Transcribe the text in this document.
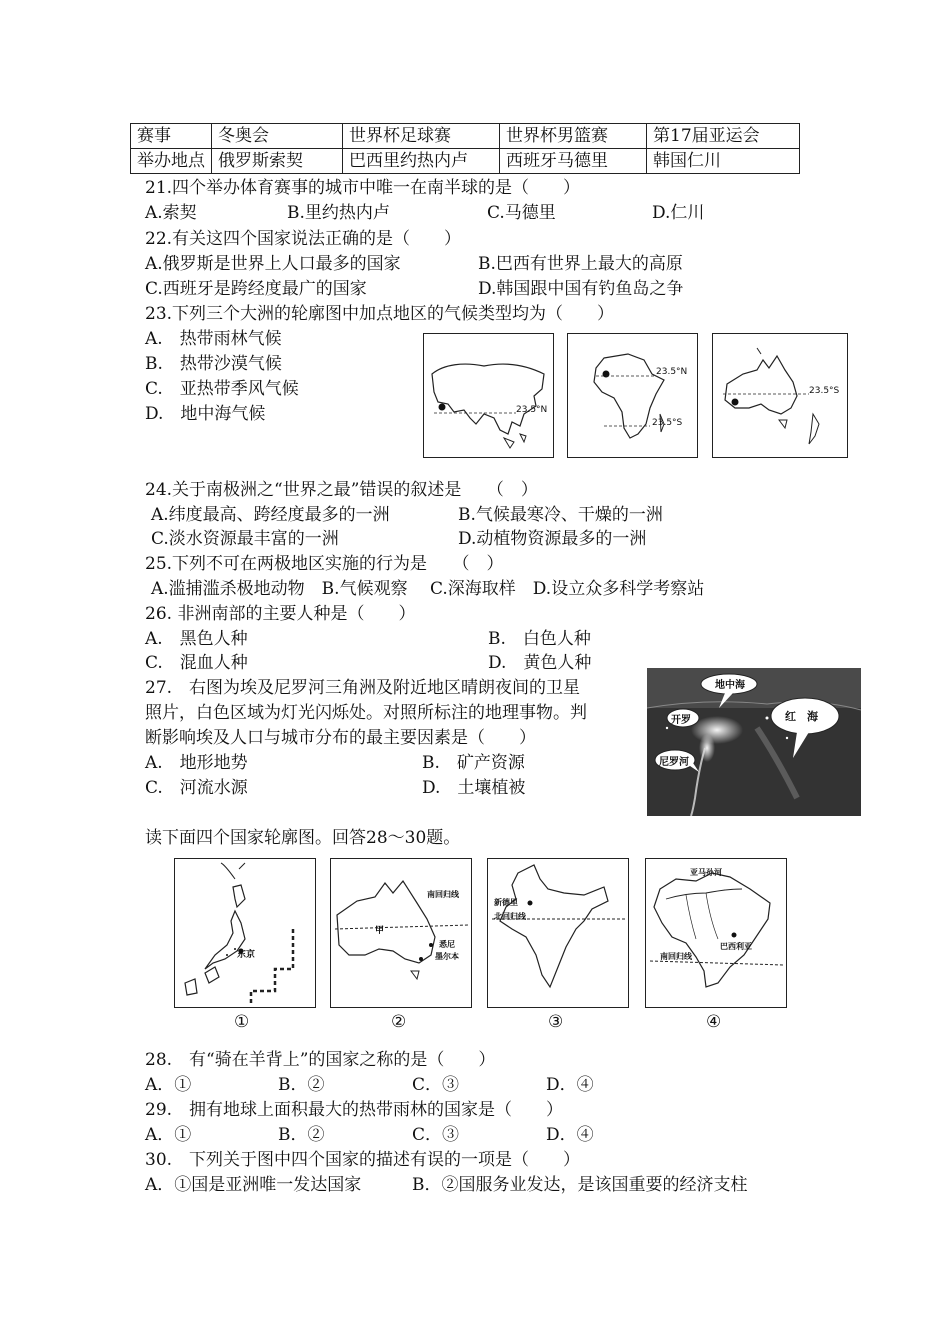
赛事	冬奥会	世界杯足球赛	世界杯男篮赛	第17届亚运会
举办地点	俄罗斯索契	巴西里约热内卢	西班牙马德里	韩国仁川
21.四个举办体育赛事的城市中唯一在南半球的是（　　）
A.索契	B.里约热内卢	C.马德里	D.仁川
22.有关这四个国家说法正确的是（　　）
A.俄罗斯是世界上人口最多的国家	B.巴西有世界上最大的高原
C.西班牙是跨经度最广的国家	D.韩国跟中国有钓鱼岛之争
23.下列三个大洲的轮廓图中加点地区的气候类型均为（　　）
A.　热带雨林气候
B.　热带沙漠气候
C.　亚热带季风气候
D.　地中海气候	23.5°N
23.5°N
23.5°S
23.5°S
24.关于南极洲之“世界之最”错误的叙述是　　（　）
A.纬度最高、跨经度最多的一洲	B.气候最寒冷、干燥的一洲
C.淡水资源最丰富的一洲	D.动植物资源最多的一洲
25.下列不可在两极地区实施的行为是　　（　）
A.滥捕滥杀极地动物　B.气候观察　 C.深海取样　D.设立众多科学考察站
26. 非洲南部的主要人种是（　　）
A.　黑色人种	B.　白色人种
C.　混血人种	D.　黄色人种
27.　右图为埃及尼罗河三角洲及附近地区晴朗夜间的卫星
照片，白色区域为灯光闪烁处。对照所标注的地理事物。判
断影响埃及人口与城市分布的最主要因素是（　　）
A.　地形地势	B.　矿产资源
C.　河流水源	D.　土壤植被
地中海
开罗	红　海
尼罗河
读下面四个国家轮廓图。回答28～30题。
东京
南回归线
甲
悉尼
墨尔本
新德里
北回归线
亚马孙河
巴西利亚
南回归线
①	②	③	④
28.　有“骑在羊背上”的国家之称的是（　　）
A．①	B．②	C．③	D．④
29.　拥有地球上面积最大的热带雨林的国家是（　　）
A．①	B．②	C．③	D．④
30.　下列关于图中四个国家的描述有误的一项是（　　）
A．①国是亚洲唯一发达国家	B．②国服务业发达，是该国重要的经济支柱
